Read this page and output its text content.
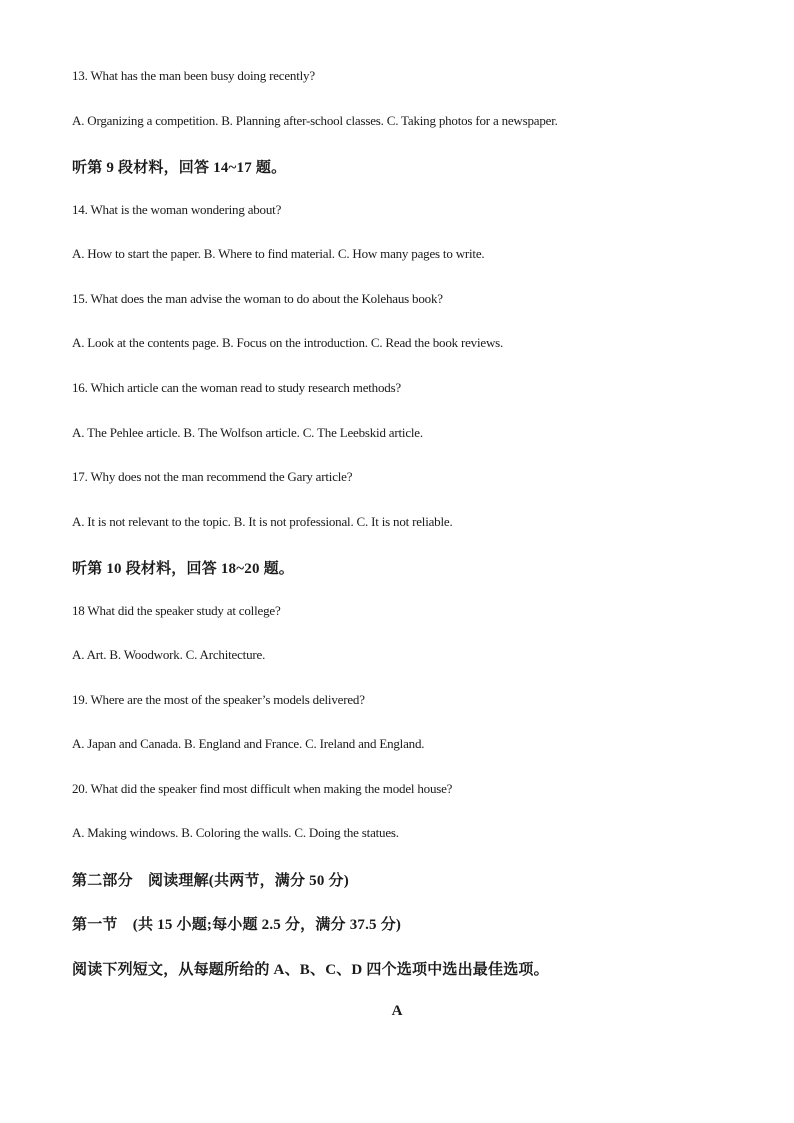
13. What has the man been busy doing recently?
A. Organizing a competition. B. Planning after-school classes. C. Taking photos for a newspaper.
听第 9 段材料，回答 14~17 题。
14. What is the woman wondering about?
A. How to start the paper. B. Where to find material. C. How many pages to write.
15. What does the man advise the woman to do about the Kolehaus book?
A. Look at the contents page. B. Focus on the introduction. C. Read the book reviews.
16. Which article can the woman read to study research methods?
A. The Pehlee article. B. The Wolfson article. C. The Leebskid article.
17. Why does not the man recommend the Gary article?
A. It is not relevant to the topic. B. It is not professional. C. It is not reliable.
听第 10 段材料，回答 18~20 题。
18 What did the speaker study at college?
A. Art. B. Woodwork. C. Architecture.
19. Where are the most of the speaker’s models delivered?
A. Japan and Canada. B. England and France. C. Ireland and England.
20. What did the speaker find most difficult when making the model house?
A. Making windows. B. Coloring the walls. C. Doing the statues.
第二部分　阅读理解(共两节，满分 50 分)
第一节　(共 15 小题;每小题 2.5 分，满分 37.5 分)
阅读下列短文，从每题所给的 A、B、C、D 四个选项中选出最佳选项。
A
